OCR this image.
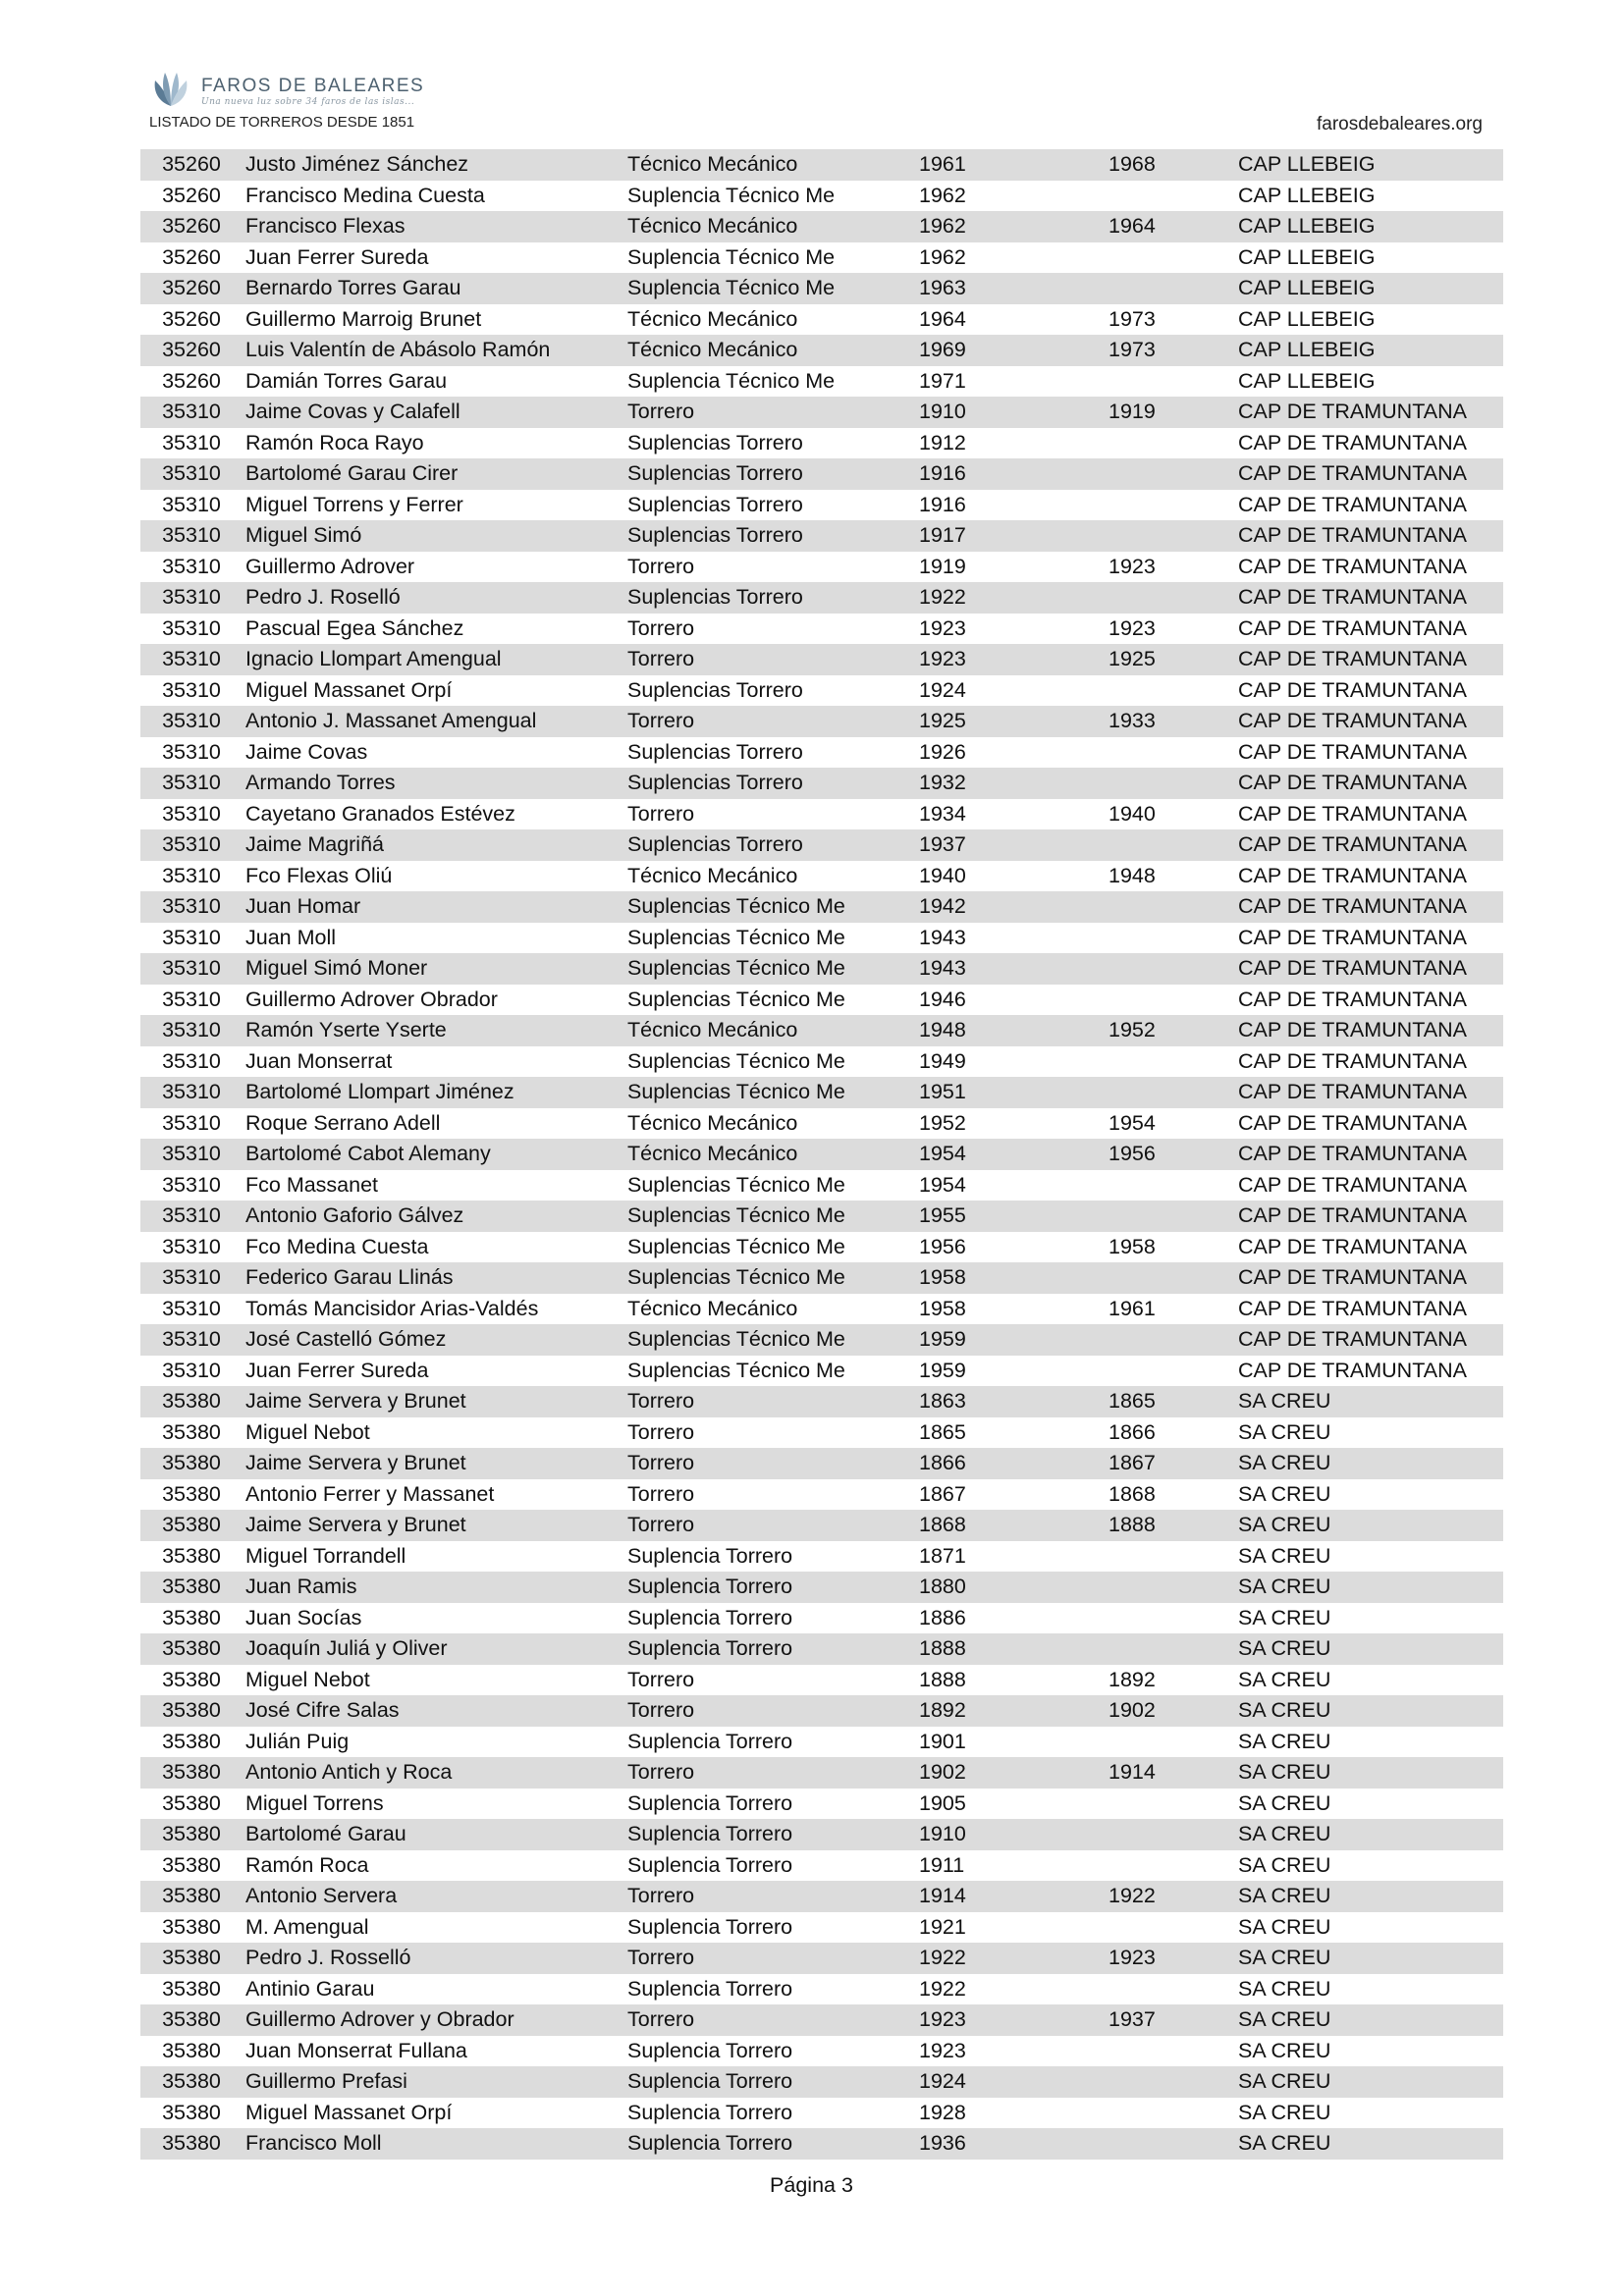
FAROS DE BALEARES
Una nueva luz sobre 34 faros de las islas...
LISTADO DE TORREROS DESDE 1851	farosdebaleares.org
35260	Justo Jiménez Sánchez	Técnico Mecánico	1961	1968	CAP LLEBEIG
35260	Francisco Medina Cuesta	Suplencia Técnico Me	1962		CAP LLEBEIG
35260	Francisco Flexas	Técnico Mecánico	1962	1964	CAP LLEBEIG
35260	Juan Ferrer Sureda	Suplencia Técnico Me	1962		CAP LLEBEIG
35260	Bernardo Torres Garau	Suplencia Técnico Me	1963		CAP LLEBEIG
35260	Guillermo Marroig Brunet	Técnico Mecánico	1964	1973	CAP LLEBEIG
35260	Luis Valentín de Abásolo Ramón	Técnico Mecánico	1969	1973	CAP LLEBEIG
35260	Damián Torres Garau	Suplencia Técnico Me	1971		CAP LLEBEIG
35310	Jaime Covas y Calafell	Torrero	1910	1919	CAP DE TRAMUNTANA
35310	Ramón Roca Rayo	Suplencias Torrero	1912		CAP DE TRAMUNTANA
35310	Bartolomé Garau Cirer	Suplencias Torrero	1916		CAP DE TRAMUNTANA
35310	Miguel Torrens y Ferrer	Suplencias Torrero	1916		CAP DE TRAMUNTANA
35310	Miguel Simó	Suplencias Torrero	1917		CAP DE TRAMUNTANA
35310	Guillermo Adrover	Torrero	1919	1923	CAP DE TRAMUNTANA
35310	Pedro J. Roselló	Suplencias Torrero	1922		CAP DE TRAMUNTANA
35310	Pascual Egea Sánchez	Torrero	1923	1923	CAP DE TRAMUNTANA
35310	Ignacio Llompart Amengual	Torrero	1923	1925	CAP DE TRAMUNTANA
35310	Miguel Massanet Orpí	Suplencias Torrero	1924		CAP DE TRAMUNTANA
35310	Antonio J. Massanet Amengual	Torrero	1925	1933	CAP DE TRAMUNTANA
35310	Jaime Covas	Suplencias Torrero	1926		CAP DE TRAMUNTANA
35310	Armando Torres	Suplencias Torrero	1932		CAP DE TRAMUNTANA
35310	Cayetano Granados Estévez	Torrero	1934	1940	CAP DE TRAMUNTANA
35310	Jaime Magriñá	Suplencias Torrero	1937		CAP DE TRAMUNTANA
35310	Fco Flexas Oliú	Técnico Mecánico	1940	1948	CAP DE TRAMUNTANA
35310	Juan Homar	Suplencias Técnico Me	1942		CAP DE TRAMUNTANA
35310	Juan Moll	Suplencias Técnico Me	1943		CAP DE TRAMUNTANA
35310	Miguel Simó Moner	Suplencias Técnico Me	1943		CAP DE TRAMUNTANA
35310	Guillermo Adrover Obrador	Suplencias Técnico Me	1946		CAP DE TRAMUNTANA
35310	Ramón Yserte Yserte	Técnico Mecánico	1948	1952	CAP DE TRAMUNTANA
35310	Juan Monserrat	Suplencias Técnico Me	1949		CAP DE TRAMUNTANA
35310	Bartolomé Llompart Jiménez	Suplencias Técnico Me	1951		CAP DE TRAMUNTANA
35310	Roque Serrano Adell	Técnico Mecánico	1952	1954	CAP DE TRAMUNTANA
35310	Bartolomé Cabot Alemany	Técnico Mecánico	1954	1956	CAP DE TRAMUNTANA
35310	Fco Massanet	Suplencias Técnico Me	1954		CAP DE TRAMUNTANA
35310	Antonio Gaforio Gálvez	Suplencias Técnico Me	1955		CAP DE TRAMUNTANA
35310	Fco Medina Cuesta	Suplencias Técnico Me	1956	1958	CAP DE TRAMUNTANA
35310	Federico Garau Llinás	Suplencias Técnico Me	1958		CAP DE TRAMUNTANA
35310	Tomás Mancisidor Arias-Valdés	Técnico Mecánico	1958	1961	CAP DE TRAMUNTANA
35310	José Castelló Gómez	Suplencias Técnico Me	1959		CAP DE TRAMUNTANA
35310	Juan Ferrer Sureda	Suplencias Técnico Me	1959		CAP DE TRAMUNTANA
35380	Jaime Servera y Brunet	Torrero	1863	1865	SA CREU
35380	Miguel Nebot	Torrero	1865	1866	SA CREU
35380	Jaime Servera y Brunet	Torrero	1866	1867	SA CREU
35380	Antonio Ferrer y Massanet	Torrero	1867	1868	SA CREU
35380	Jaime Servera y Brunet	Torrero	1868	1888	SA CREU
35380	Miguel Torrandell	Suplencia Torrero	1871		SA CREU
35380	Juan Ramis	Suplencia Torrero	1880		SA CREU
35380	Juan Socías	Suplencia Torrero	1886		SA CREU
35380	Joaquín Juliá y Oliver	Suplencia Torrero	1888		SA CREU
35380	Miguel Nebot	Torrero	1888	1892	SA CREU
35380	José Cifre Salas	Torrero	1892	1902	SA CREU
35380	Julián Puig	Suplencia Torrero	1901		SA CREU
35380	Antonio Antich y Roca	Torrero	1902	1914	SA CREU
35380	Miguel Torrens	Suplencia Torrero	1905		SA CREU
35380	Bartolomé Garau	Suplencia Torrero	1910		SA CREU
35380	Ramón Roca	Suplencia Torrero	1911		SA CREU
35380	Antonio Servera	Torrero	1914	1922	SA CREU
35380	M. Amengual	Suplencia Torrero	1921		SA CREU
35380	Pedro J. Rosselló	Torrero	1922	1923	SA CREU
35380	Antinio Garau	Suplencia Torrero	1922		SA CREU
35380	Guillermo Adrover y Obrador	Torrero	1923	1937	SA CREU
35380	Juan Monserrat Fullana	Suplencia Torrero	1923		SA CREU
35380	Guillermo Prefasi	Suplencia Torrero	1924		SA CREU
35380	Miguel Massanet Orpí	Suplencia Torrero	1928		SA CREU
35380	Francisco Moll	Suplencia Torrero	1936		SA CREU
Página 3
